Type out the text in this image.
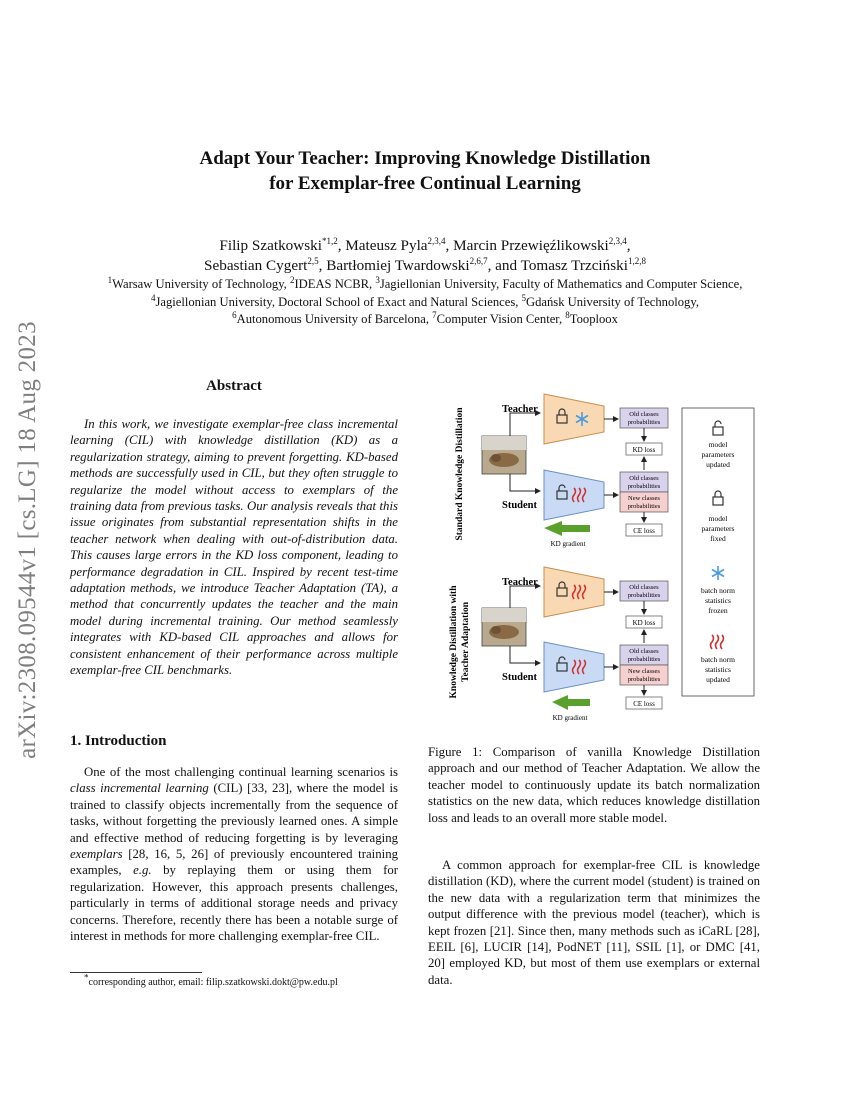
Adapt Your Teacher: Improving Knowledge Distillation
for Exemplar-free Continual Learning
Filip Szatkowski$^{*1,2}$, Mateusz Pyla$^{2,3,4}$, Marcin Przewięźlikowski$^{2,3,4}$,
Sebastian Cygert$^{2,5}$, Bartłomiej Twardowski$^{2,6,7}$, and Tomasz Trzciński$^{1,2,8}$
$^1$Warsaw University of Technology, $^2$IDEAS NCBR, $^3$Jagiellonian University, Faculty of Mathematics and Computer Science,
$^4$Jagiellonian University, Doctoral School of Exact and Natural Sciences, $^5$Gdańsk University of Technology,
$^6$Autonomous University of Barcelona, $^7$Computer Vision Center, $^8$Tooploox
arXiv:2308.09544v1 [cs.LG] 18 Aug 2023	Abstract
In this work, we investigate exemplar-free class incremental learning (CIL) with knowledge distillation (KD) as a regularization strategy, aiming to prevent forgetting. KD-based methods are successfully used in CIL, but they often struggle to regularize the model without access to exemplars of the training data from previous tasks. Our analysis reveals that this issue originates from substantial representation shifts in the teacher network when dealing with out-of-distribution data. This causes large errors in the KD loss component, leading to performance degradation in CIL. Inspired by recent test-time adaptation methods, we introduce Teacher Adaptation (TA), a method that concurrently updates the teacher and the main model during incremental training. Our method seamlessly integrates with KD-based CIL approaches and allows for consistent enhancement of their performance across multiple exemplar-free CIL benchmarks.
1. Introduction
One of the most challenging continual learning scenarios is class incremental learning (CIL) [33, 23], where the model is trained to classify objects incrementally from the sequence of tasks, without forgetting the previously learned ones. A simple and effective method of reducing forgetting is by leveraging exemplars [28, 16, 5, 26] of previously encountered training examples, e.g. by replaying them or using them for regularization. However, this approach presents challenges, particularly in terms of additional storage needs and privacy concerns. Therefore, recently there has been a notable surge of interest in methods for more challenging exemplar-free CIL.
*corresponding author, email: filip.szatkowski.dokt@pw.edu.pl
Standard Knowledge Distillation
Knowledge Distillation with Teacher Adaptation
Teacher
Student
Old classes
probabilities
KD loss
Old classes
probabilities
New classes
probabilities
CE loss
KD gradient
Teacher
Student
Old classes
probabilities
KD loss
Old classes
probabilities
New classes
probabilities
CE loss
KD gradient
model
parameters
updated
model
parameters
fixed
batch norm
statistics
frozen
batch norm
statistics
updated
Figure 1: Comparison of vanilla Knowledge Distillation approach and our method of Teacher Adaptation. We allow the teacher model to continuously update its batch normalization statistics on the new data, which reduces knowledge distillation loss and leads to an overall more stable model.
A common approach for exemplar-free CIL is knowledge distillation (KD), where the current model (student) is trained on the new data with a regularization term that minimizes the output difference with the previous model (teacher), which is kept frozen [21]. Since then, many methods such as iCaRL [28], EEIL [6], LUCIR [14], PodNET [11], SSIL [1], or DMC [41, 20] employed KD, but most of them use exemplars or external data.
